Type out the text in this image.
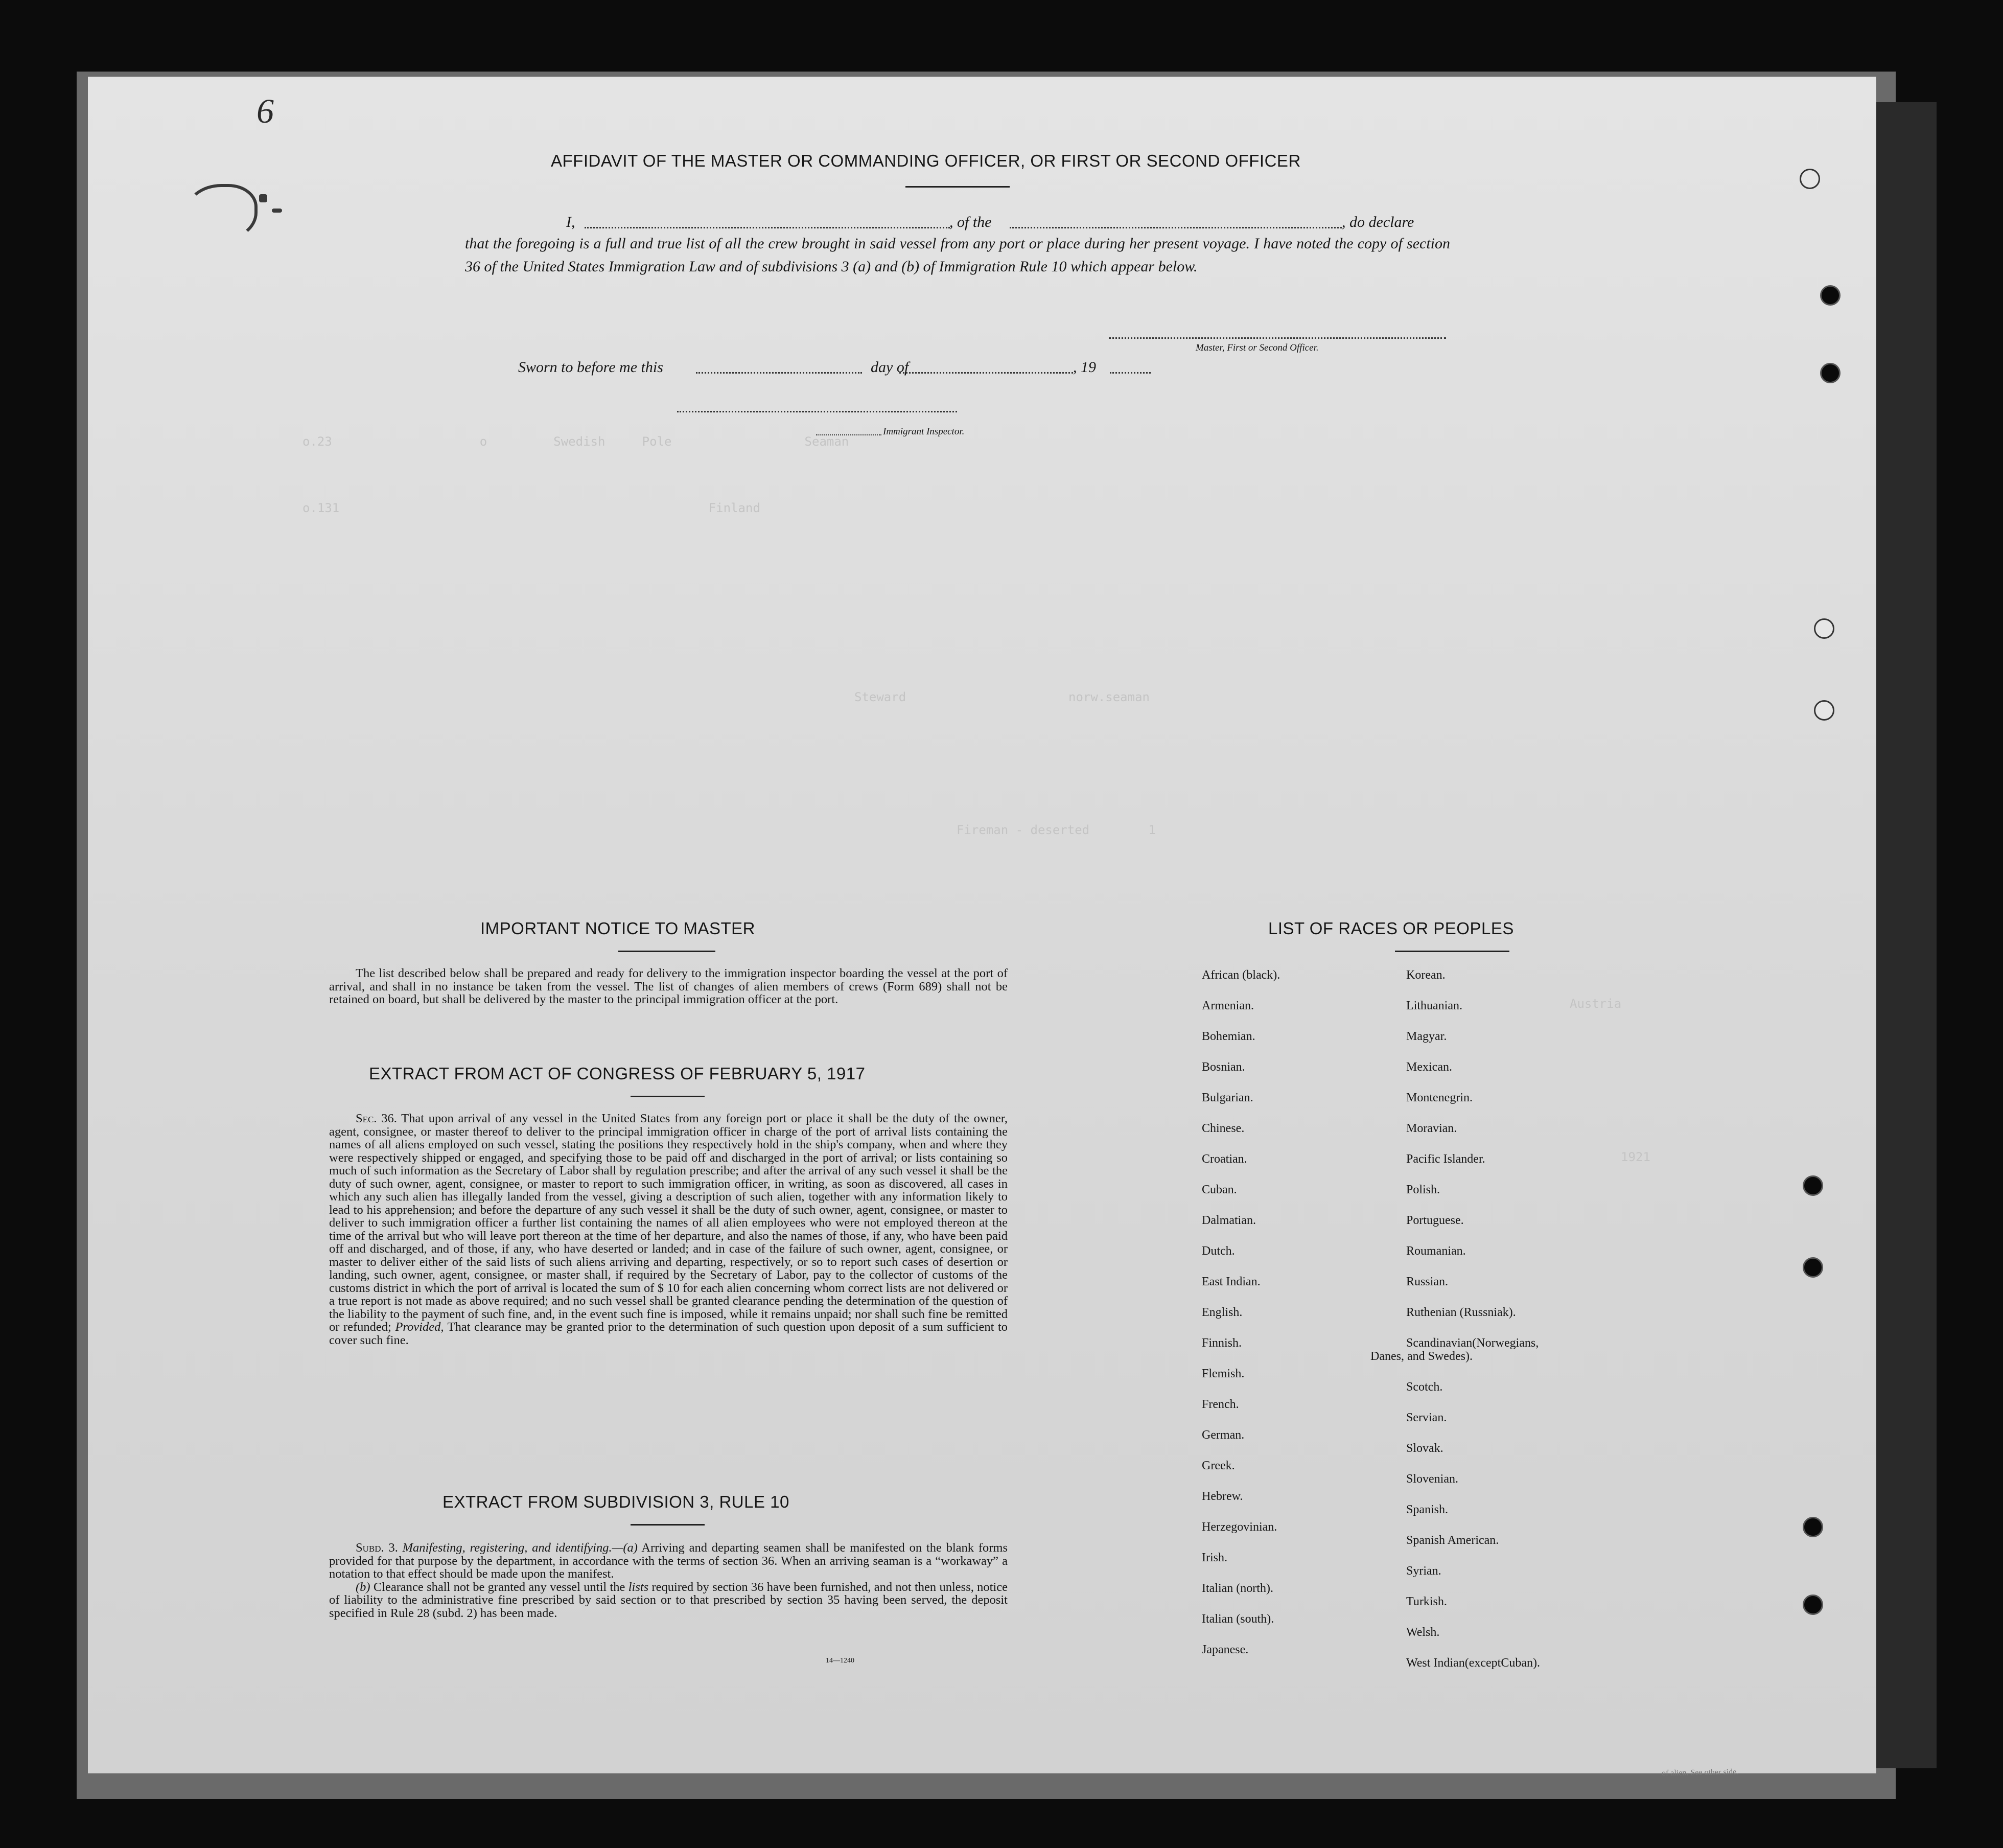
o.23                    o         Swedish     Pole                  Seaman
o.131                                                  Finland
Steward                      norw.seaman
Fireman - deserted        1
Austria
1921
6
AFFIDAVIT OF THE MASTER OR COMMANDING OFFICER, OR FIRST OR SECOND OFFICER
I,	, of the	, do declare
that the foregoing is a full and true list of all the crew brought in said vessel from any port or place during her present voyage. I have noted the copy of section 36 of the United States Immigration Law and of subdivisions 3 (a) and (b) of Immigration Rule 10 which appear below.
Master, First or Second Officer.
Sworn to before me this	day of	, 19
Immigrant Inspector.
IMPORTANT NOTICE TO MASTER
The list described below shall be prepared and ready for delivery to the immigration inspector boarding the vessel at the port of arrival, and shall in no instance be taken from the vessel. The list of changes of alien members of crews (Form 689) shall not be retained on board, but shall be delivered by the master to the principal immigration officer at the port.
EXTRACT FROM ACT OF CONGRESS OF FEBRUARY 5, 1917
Sec. 36. That upon arrival of any vessel in the United States from any foreign port or place it shall be the duty of the owner, agent, consignee, or master thereof to deliver to the principal immigration officer in charge of the port of arrival lists containing the names of all aliens employed on such vessel, stating the positions they respectively hold in the ship's company, when and where they were respectively shipped or engaged, and specifying those to be paid off and discharged in the port of arrival; or lists containing so much of such information as the Secretary of Labor shall by regulation prescribe; and after the arrival of any such vessel it shall be the duty of such owner, agent, consignee, or master to report to such immigration officer, in writing, as soon as discovered, all cases in which any such alien has illegally landed from the vessel, giving a description of such alien, together with any information likely to lead to his apprehension; and before the departure of any such vessel it shall be the duty of such owner, agent, consignee, or master to deliver to such immigration officer a further list containing the names of all alien employees who were not employed thereon at the time of the arrival but who will leave port thereon at the time of her departure, and also the names of those, if any, who have been paid off and discharged, and of those, if any, who have deserted or landed; and in case of the failure of such owner, agent, consignee, or master to deliver either of the said lists of such aliens arriving and departing, respectively, or so to report such cases of desertion or landing, such owner, agent, consignee, or master shall, if required by the Secretary of Labor, pay to the collector of customs of the customs district in which the port of arrival is located the sum of $ 10 for each alien concerning whom correct lists are not delivered or a true report is not made as above required; and no such vessel shall be granted clearance pending the determination of the question of the liability to the payment of such fine, and, in the event such fine is imposed, while it remains unpaid; nor shall such fine be remitted or refunded; Provided, That clearance may be granted prior to the determination of such question upon deposit of a sum sufficient to cover such fine.
EXTRACT FROM SUBDIVISION 3, RULE 10
Subd. 3. Manifesting, registering, and identifying.—(a) Arriving and departing seamen shall be manifested on the blank forms provided for that purpose by the department, in accordance with the terms of section 36. When an arriving seaman is a “workaway” a notation to that effect should be made upon the manifest.
(b) Clearance shall not be granted any vessel until the lists required by section 36 have been furnished, and not then unless, notice of liability to the administrative fine prescribed by said section or to that prescribed by section 35 having been served, the deposit specified in Rule 28 (subd. 2) has been made.
14—1240
LIST OF RACES OR PEOPLES
African (black).
Armenian.
Bohemian.
Bosnian.
Bulgarian.
Chinese.
Croatian.
Cuban.
Dalmatian.
Dutch.
East Indian.
English.
Finnish.
Flemish.
French.
German.
Greek.
Hebrew.
Herzegovinian.
Irish.
Italian (north).
Italian (south).
Japanese.
Korean.
Lithuanian.
Magyar.
Mexican.
Montenegrin.
Moravian.
Pacific Islander.
Polish.
Portuguese.
Roumanian.
Russian.
Ruthenian (Russniak).
Scandinavian(Norwegians,
Danes, and Swedes).
Scotch.
Servian.
Slovak.
Slovenian.
Spanish.
Spanish American.
Syrian.
Turkish.
Welsh.
West Indian(exceptCuban).
of alien. See other side.
